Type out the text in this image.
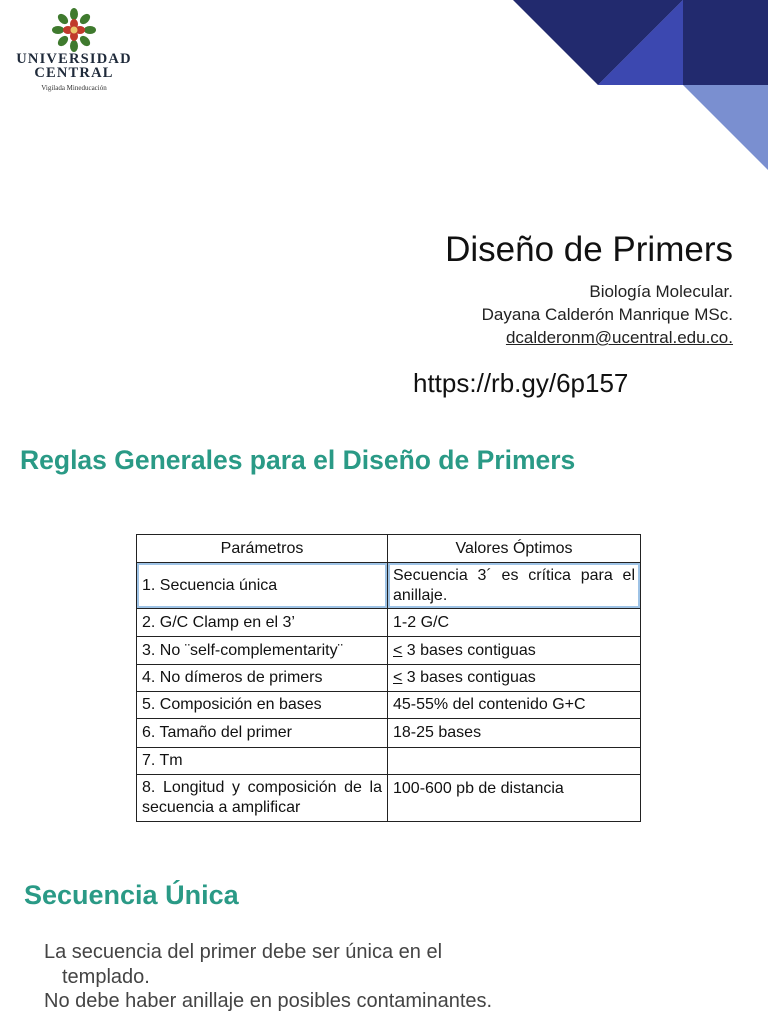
UNIVERSIDAD
CENTRAL
Vigilada Mineducación
Diseño de Primers
Biología Molecular.
Dayana Calderón Manrique MSc.
dcalderonm@ucentral.edu.co.
https://rb.gy/6p157
Reglas Generales para el Diseño de Primers
Parámetros	Valores Óptimos
1. Secuencia única	Secuencia 3´ es crítica para el anillaje.
2. G/C Clamp en el 3’	1-2 G/C
3. No ¨self-complementarity¨	≤ 3 bases contiguas
4. No dímeros de primers	≤ 3 bases contiguas
5. Composición en bases	45-55% del contenido G+C
6. Tamaño del primer	18-25 bases
7. Tm	
8. Longitud y composición de la secuencia a amplificar	100-600 pb de distancia
Secuencia Única
La secuencia del primer debe ser única en el
templado.
No debe haber anillaje en posibles contaminantes.
